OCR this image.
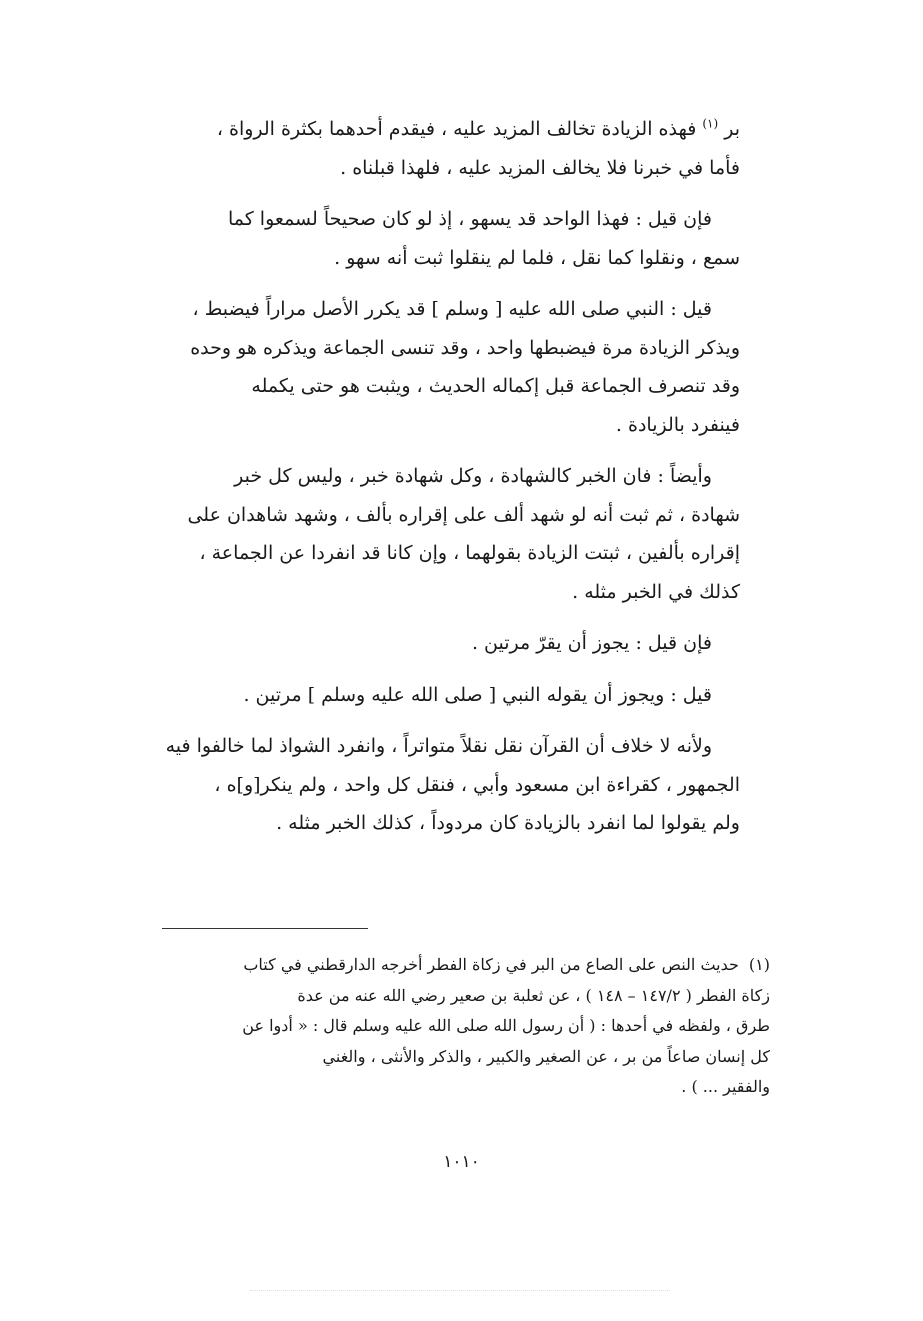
بر $^{(١)}$ فهذه الزيادة تخالف المزيد عليه ، فيقدم أحدهما بكثرة الرواة ،
فأما في خبرنا فلا يخالف المزيد عليه ، فلهذا قبلناه .

فإن قيل : فهذا الواحد قد يسهو ، إذ لو كان صحيحاً لسمعوا كما
سمع ، ونقلوا كما نقل ، فلما لم ينقلوا ثبت أنه سهو .

قيل : النبي صلى الله عليه [ وسلم ] قد يكرر الأصل مراراً فيضبط ،
ويذكر الزيادة مرة فيضبطها واحد ، وقد تنسى الجماعة ويذكره هو وحده
وقد تنصرف الجماعة قبل إكماله الحديث ، ويثبت هو حتى يكمله
فينفرد بالزيادة .

وأيضاً : فان الخبر كالشهادة ، وكل شهادة خبر ، وليس كل خبر
شهادة ، ثم ثبت أنه لو شهد ألف على إقراره بألف ، وشهد شاهدان على
إقراره بألفين ، ثبتت الزيادة بقولهما ، وإن كانا قد انفردا عن الجماعة ،
كذلك في الخبر مثله .

فإن قيل : يجوز أن يقرّ مرتين .

قيل : ويجوز أن يقوله النبي [ صلى الله عليه وسلم ] مرتين .

ولأنه لا خلاف أن القرآن نقل نقلاً متواتراً ، وانفرد الشواذ لما خالفوا فيه
الجمهور ، كقراءة ابن مسعود وأبي ، فنقل كل واحد ، ولم ينكر[و]ه ،
ولم يقولوا لما انفرد بالزيادة كان مردوداً ، كذلك الخبر مثله .

(١)حديث النص على الصاع من البر في زكاة الفطر أخرجه الدارقطني في كتاب
زكاة الفطر ( ١٤٧/٢ – ١٤٨ ) ، عن ثعلبة بن صعير رضي الله عنه من عدة
طرق ، ولفظه في أحدها : ( أن رسول الله صلى الله عليه وسلم قال : « أدوا عن
كل إنسان صاعاً من بر ، عن الصغير والكبير ، والذكر والأنثى ، والغني
والفقير ... ) .
١٠١٠
